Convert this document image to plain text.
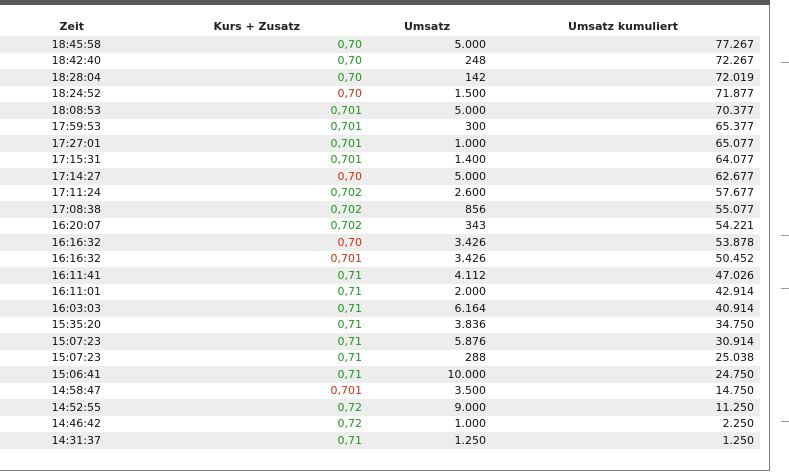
Zeit	Kurs + Zusatz	Umsatz	Umsatz kumuliert
18:45:58	0,70	5.000	77.267
18:42:40	0,70	248	72.267
18:28:04	0,70	142	72.019
18:24:52	0,70	1.500	71.877
18:08:53	0,701	5.000	70.377
17:59:53	0,701	300	65.377
17:27:01	0,701	1.000	65.077
17:15:31	0,701	1.400	64.077
17:14:27	0,70	5.000	62.677
17:11:24	0,702	2.600	57.677
17:08:38	0,702	856	55.077
16:20:07	0,702	343	54.221
16:16:32	0,70	3.426	53.878
16:16:32	0,701	3.426	50.452
16:11:41	0,71	4.112	47.026
16:11:01	0,71	2.000	42.914
16:03:03	0,71	6.164	40.914
15:35:20	0,71	3.836	34.750
15:07:23	0,71	5.876	30.914
15:07:23	0,71	288	25.038
15:06:41	0,71	10.000	24.750
14:58:47	0,701	3.500	14.750
14:52:55	0,72	9.000	11.250
14:46:42	0,72	1.000	2.250
14:31:37	0,71	1.250	1.250
